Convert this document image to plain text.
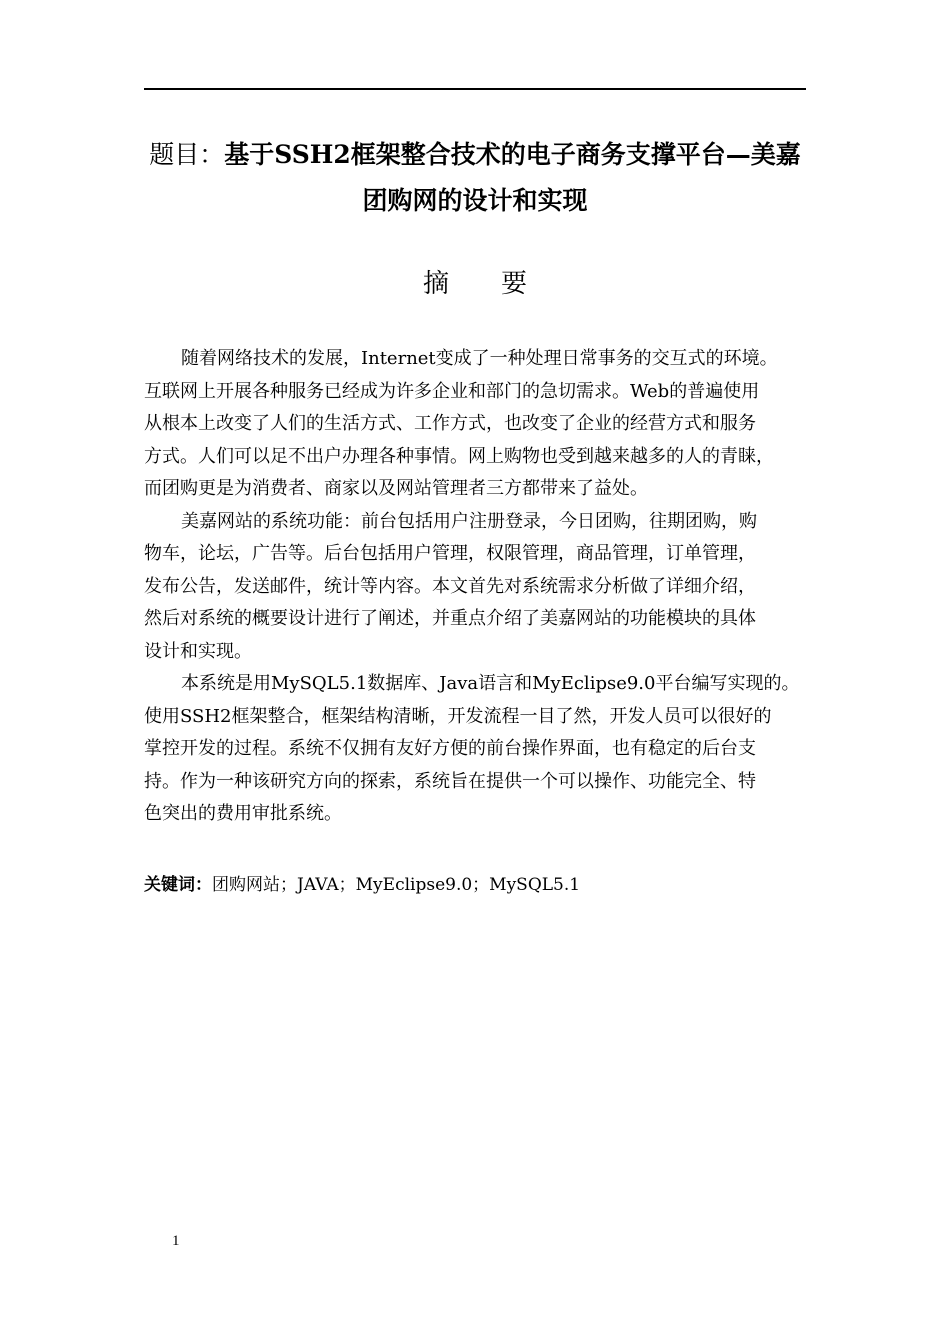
题目：基于SSH2框架整合技术的电子商务支撑平台—美嘉
团购网的设计和实现
摘 要
随着网络技术的发展，Internet变成了一种处理日常事务的交互式的环境。
互联网上开展各种服务已经成为许多企业和部门的急切需求。Web的普遍使用
从根本上改变了人们的生活方式、工作方式，也改变了企业的经营方式和服务
方式。人们可以足不出户办理各种事情。网上购物也受到越来越多的人的青睐，
而团购更是为消费者、商家以及网站管理者三方都带来了益处。
美嘉网站的系统功能：前台包括用户注册登录，今日团购，往期团购，购
物车，论坛，广告等。后台包括用户管理，权限管理，商品管理，订单管理，
发布公告，发送邮件，统计等内容。本文首先对系统需求分析做了详细介绍，
然后对系统的概要设计进行了阐述，并重点介绍了美嘉网站的功能模块的具体
设计和实现。
本系统是用MySQL5.1数据库、Java语言和MyEclipse9.0平台编写实现的。
使用SSH2框架整合，框架结构清晰，开发流程一目了然，开发人员可以很好的
掌控开发的过程。系统不仅拥有友好方便的前台操作界面，也有稳定的后台支
持。作为一种该研究方向的探索，系统旨在提供一个可以操作、功能完全、特
色突出的费用审批系统。
关键词：团购网站；JAVA；MyEclipse9.0；MySQL5.1
1
